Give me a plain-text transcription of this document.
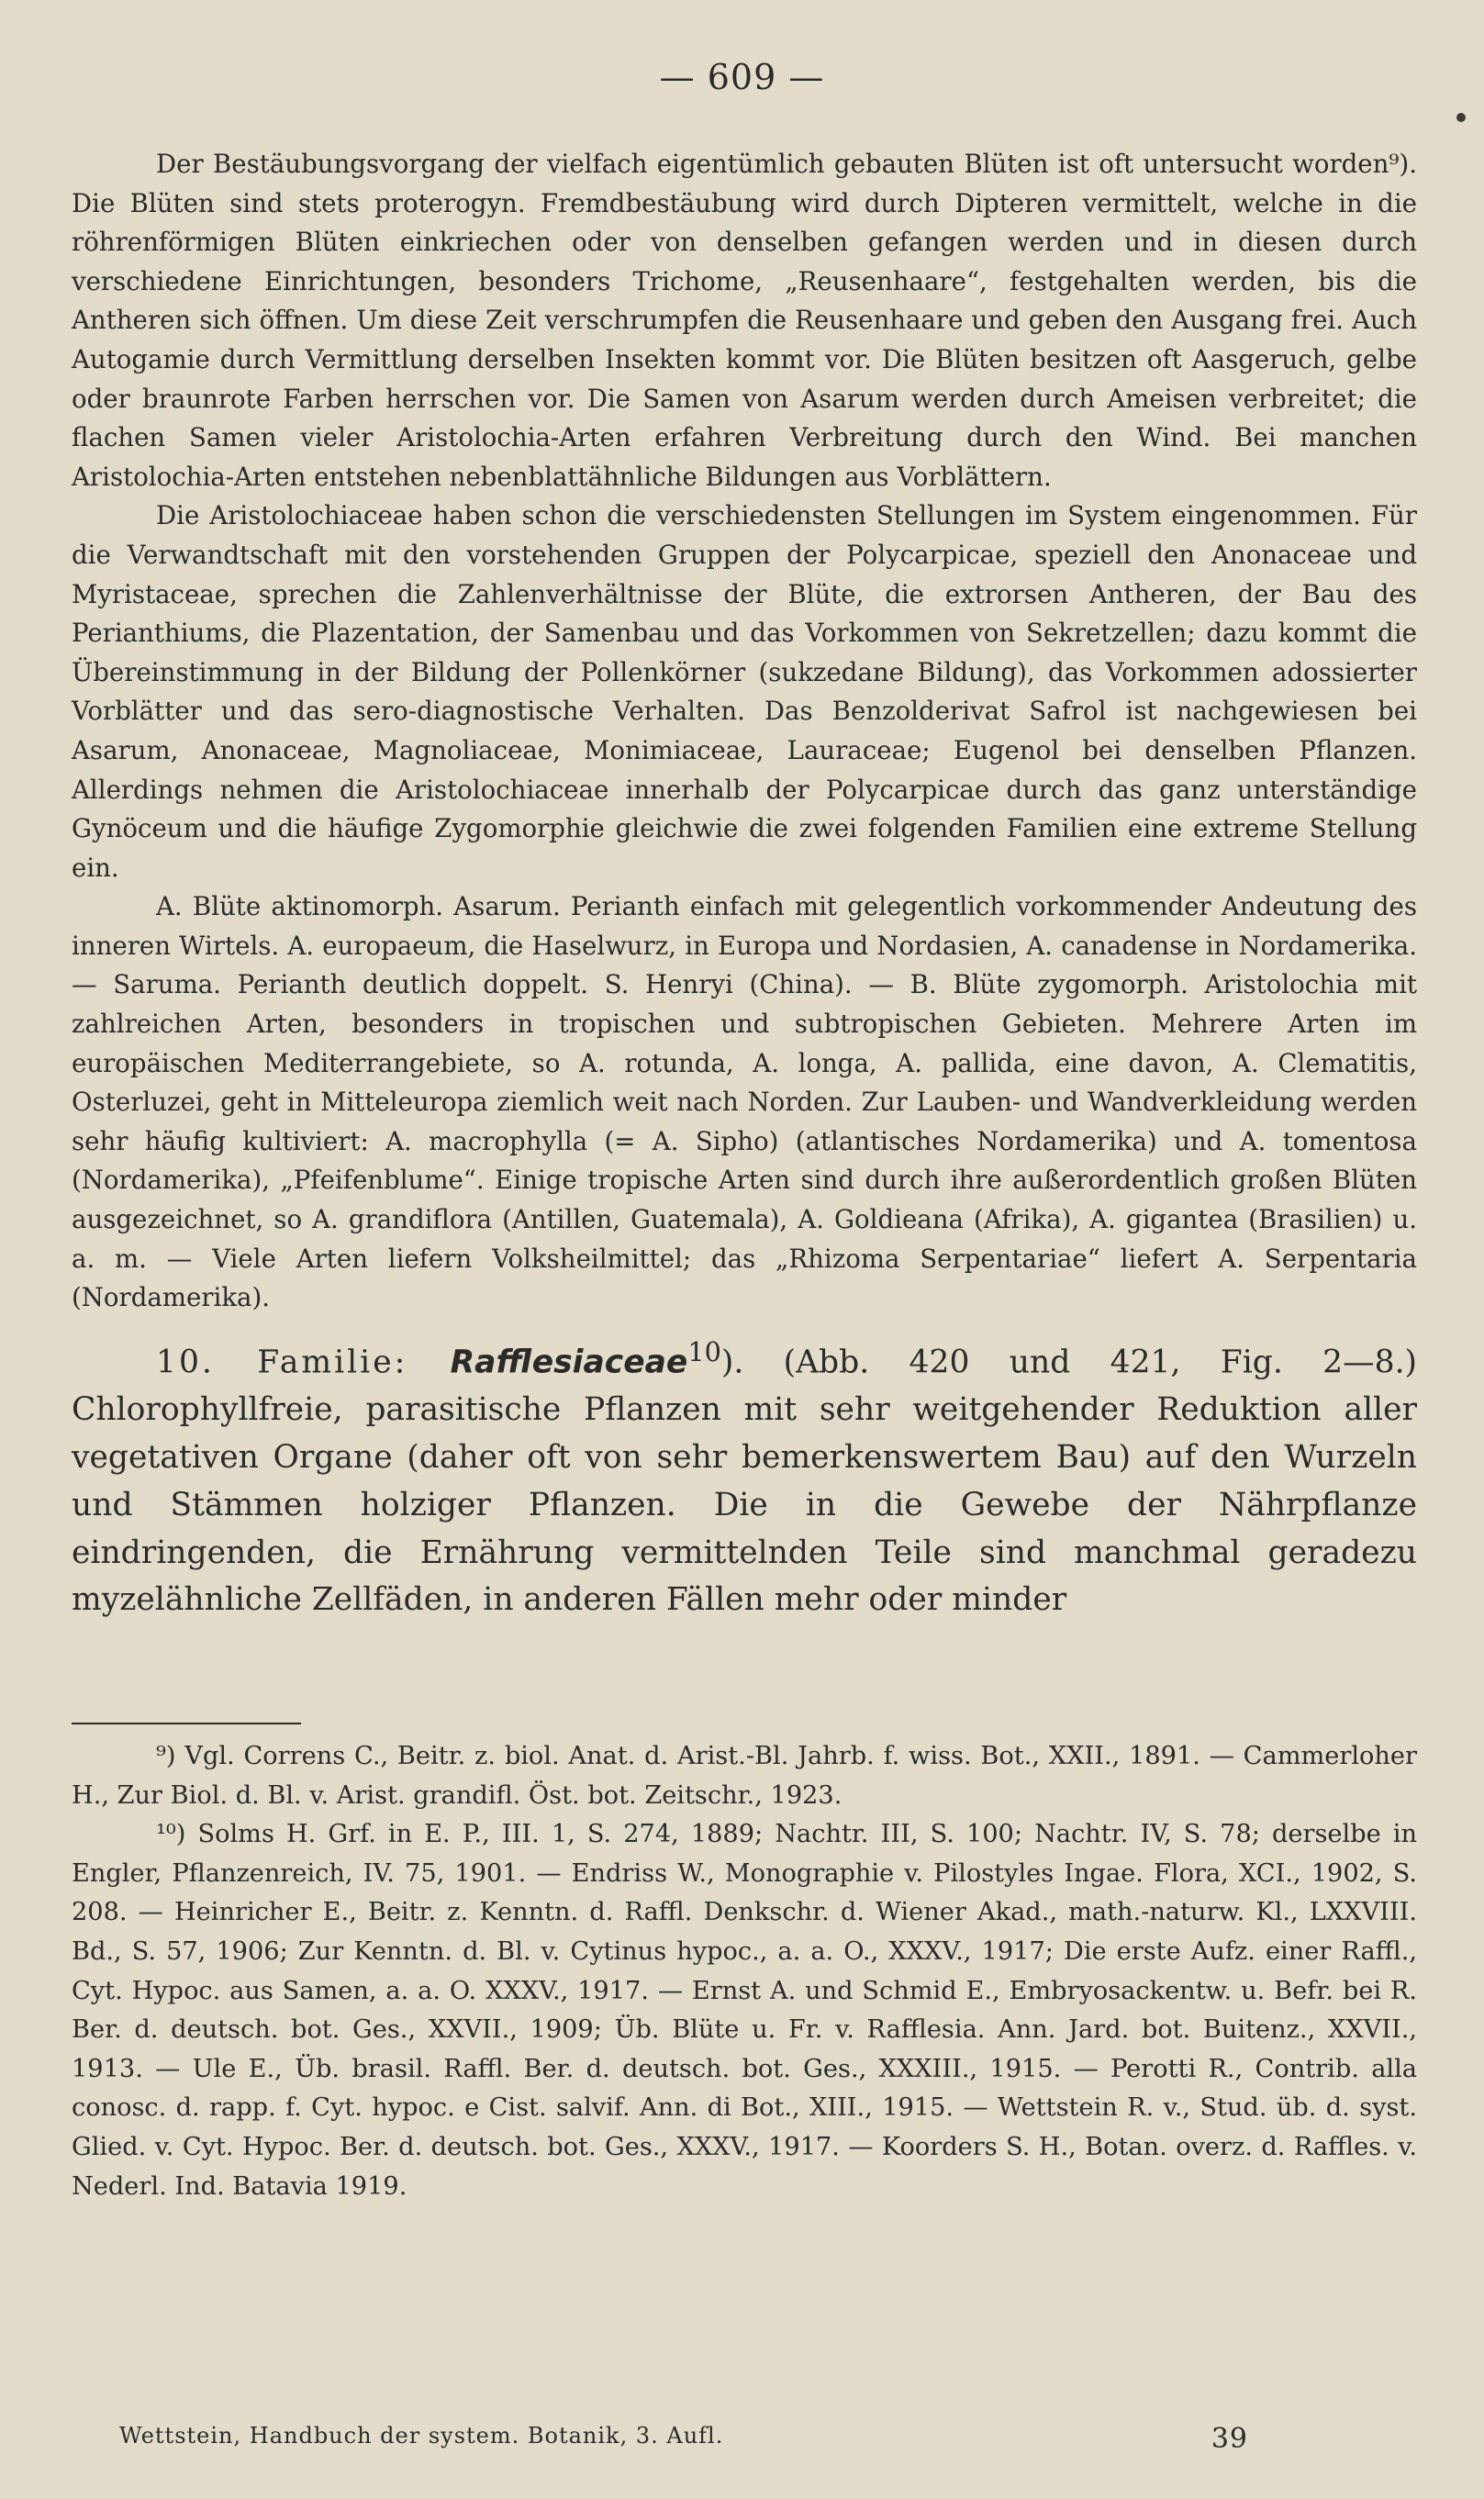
— 609 —

Der Bestäubungsvorgang der vielfach eigentümlich gebauten Blüten ist oft untersucht worden⁹). Die Blüten sind stets proterogyn. Fremdbestäubung wird durch Dipteren vermittelt, welche in die röhrenförmigen Blüten einkriechen oder von denselben gefangen werden und in diesen durch verschiedene Einrichtungen, besonders Trichome, „Reusenhaare“, festgehalten werden, bis die Antheren sich öffnen. Um diese Zeit verschrumpfen die Reusenhaare und geben den Ausgang frei. Auch Autogamie durch Vermittlung derselben Insekten kommt vor. Die Blüten besitzen oft Aasgeruch, gelbe oder braunrote Farben herrschen vor. Die Samen von Asarum werden durch Ameisen verbreitet; die flachen Samen vieler Aristolochia-Arten erfahren Verbreitung durch den Wind. Bei manchen Aristolochia-Arten entstehen nebenblattähnliche Bildungen aus Vorblättern.

Die Aristolochiaceae haben schon die verschiedensten Stellungen im System eingenommen. Für die Verwandtschaft mit den vorstehenden Gruppen der Polycarpicae, speziell den Anonaceae und Myristaceae, sprechen die Zahlenverhältnisse der Blüte, die extrorsen Antheren, der Bau des Perianthiums, die Plazentation, der Samenbau und das Vorkommen von Sekretzellen; dazu kommt die Übereinstimmung in der Bildung der Pollenkörner (sukzedane Bildung), das Vorkommen adossierter Vorblätter und das sero-diagnostische Verhalten. Das Benzolderivat Safrol ist nachgewiesen bei Asarum, Anonaceae, Magnoliaceae, Monimiaceae, Lauraceae; Eugenol bei denselben Pflanzen. Allerdings nehmen die Aristolochiaceae innerhalb der Polycarpicae durch das ganz unterständige Gynöceum und die häufige Zygomorphie gleichwie die zwei folgenden Familien eine extreme Stellung ein.

A. Blüte aktinomorph. Asarum. Perianth einfach mit gelegentlich vorkommender Andeutung des inneren Wirtels. A. europaeum, die Haselwurz, in Europa und Nordasien, A. canadense in Nordamerika. — Saruma. Perianth deutlich doppelt. S. Henryi (China). — B. Blüte zygomorph. Aristolochia mit zahlreichen Arten, besonders in tropischen und subtropischen Gebieten. Mehrere Arten im europäischen Mediterrangebiete, so A. rotunda, A. longa, A. pallida, eine davon, A. Clematitis, Osterluzei, geht in Mitteleuropa ziemlich weit nach Norden. Zur Lauben- und Wandverkleidung werden sehr häufig kultiviert: A. macrophylla (= A. Sipho) (atlantisches Nordamerika) und A. tomentosa (Nordamerika), „Pfeifenblume“. Einige tropische Arten sind durch ihre außerordentlich großen Blüten ausgezeichnet, so A. grandiflora (Antillen, Guatemala), A. Goldieana (Afrika), A. gigantea (Brasilien) u. a. m. — Viele Arten liefern Volksheilmittel; das „Rhizoma Serpentariae“ liefert A. Serpentaria (Nordamerika).

10. Familie: Rafflesiaceae$^{10}$). (Abb. 420 und 421, Fig. 2—8.) Chlorophyllfreie, parasitische Pflanzen mit sehr weitgehender Reduktion aller vegetativen Organe (daher oft von sehr bemerkenswertem Bau) auf den Wurzeln und Stämmen holziger Pflanzen. Die in die Gewebe der Nährpflanze eindringenden, die Ernährung vermittelnden Teile sind manchmal geradezu myzelähnliche Zellfäden, in anderen Fällen mehr oder minder

⁹) Vgl. Correns C., Beitr. z. biol. Anat. d. Arist.-Bl. Jahrb. f. wiss. Bot., XXII., 1891. — Cammerloher H., Zur Biol. d. Bl. v. Arist. grandifl. Öst. bot. Zeitschr., 1923.

¹⁰) Solms H. Grf. in E. P., III. 1, S. 274, 1889; Nachtr. III, S. 100; Nachtr. IV, S. 78; derselbe in Engler, Pflanzenreich, IV. 75, 1901. — Endriss W., Monographie v. Pilostyles Ingae. Flora, XCI., 1902, S. 208. — Heinricher E., Beitr. z. Kenntn. d. Raffl. Denkschr. d. Wiener Akad., math.-naturw. Kl., LXXVIII. Bd., S. 57, 1906; Zur Kenntn. d. Bl. v. Cytinus hypoc., a. a. O., XXXV., 1917; Die erste Aufz. einer Raffl., Cyt. Hypoc. aus Samen, a. a. O. XXXV., 1917. — Ernst A. und Schmid E., Embryosackentw. u. Befr. bei R. Ber. d. deutsch. bot. Ges., XXVII., 1909; Üb. Blüte u. Fr. v. Rafflesia. Ann. Jard. bot. Buitenz., XXVII., 1913. — Ule E., Üb. brasil. Raffl. Ber. d. deutsch. bot. Ges., XXXIII., 1915. — Perotti R., Contrib. alla conosc. d. rapp. f. Cyt. hypoc. e Cist. salvif. Ann. di Bot., XIII., 1915. — Wettstein R. v., Stud. üb. d. syst. Glied. v. Cyt. Hypoc. Ber. d. deutsch. bot. Ges., XXXV., 1917. — Koorders S. H., Botan. overz. d. Raffles. v. Nederl. Ind. Batavia 1919.

Wettstein, Handbuch der system. Botanik, 3. Aufl.	39
